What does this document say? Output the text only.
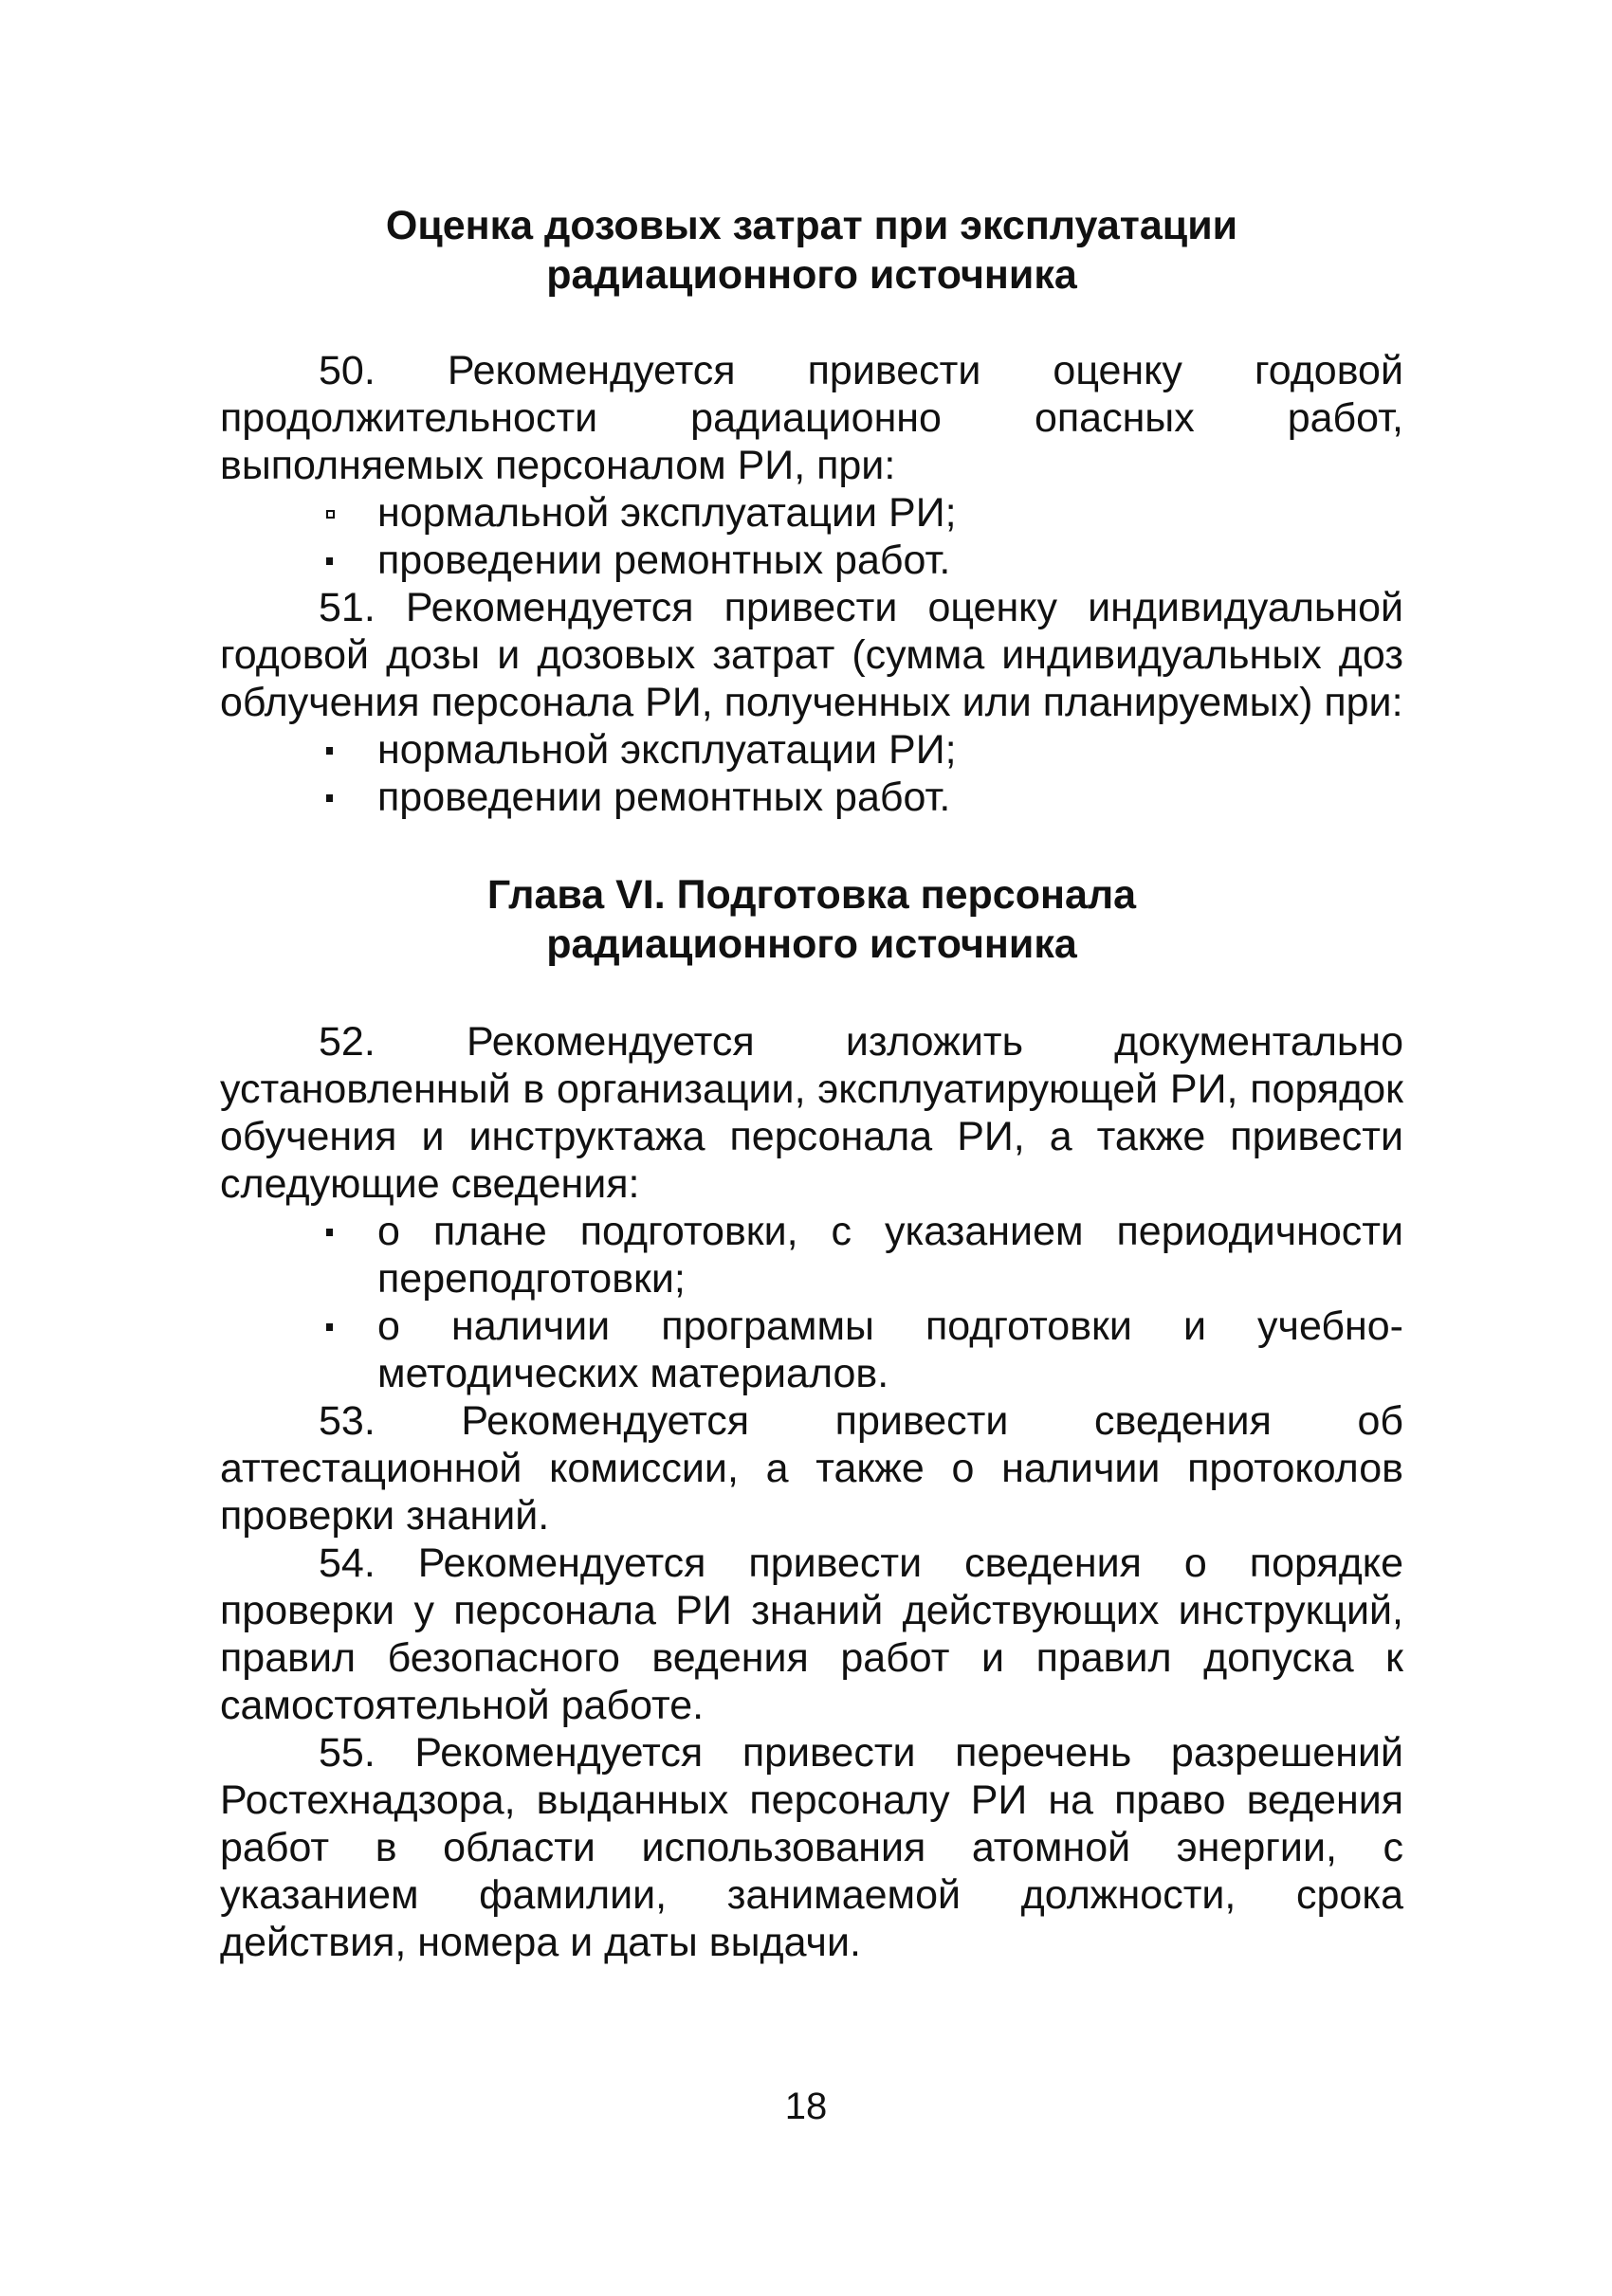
Оценка дозовых затрат при эксплуатации
радиационного источника

50. Рекомендуется привести оценку годовой продолжительности радиационно опасных работ, выполняемых персоналом РИ, при:

нормальной эксплуатации РИ;
проведении ремонтных работ.

51. Рекомендуется привести оценку индивидуальной годовой дозы и дозовых затрат (сумма индивидуальных доз облучения персонала РИ, полученных или планируемых) при:

нормальной эксплуатации РИ;
проведении ремонтных работ.
Глава VI. Подготовка персонала
радиационного источника

52. Рекомендуется изложить документально установленный в организации, эксплуатирующей РИ, порядок обучения и инструктажа персонала РИ, а также привести следующие сведения:

о плане подготовки, с указанием периодичности переподготовки;
о наличии программы подготовки и учебно-методических материалов.

53. Рекомендуется привести сведения об аттестационной комиссии, а также о наличии протоколов проверки знаний.

54. Рекомендуется привести сведения о порядке проверки у персонала РИ знаний действующих инструкций, правил безопасного ведения работ и правил допуска к самостоятельной работе.

55. Рекомендуется привести перечень разрешений Ростехнадзора, выданных персоналу РИ на право ведения работ в области использования атомной энергии, с указанием фамилии, занимаемой должности, срока действия, номера и даты выдачи.

18
